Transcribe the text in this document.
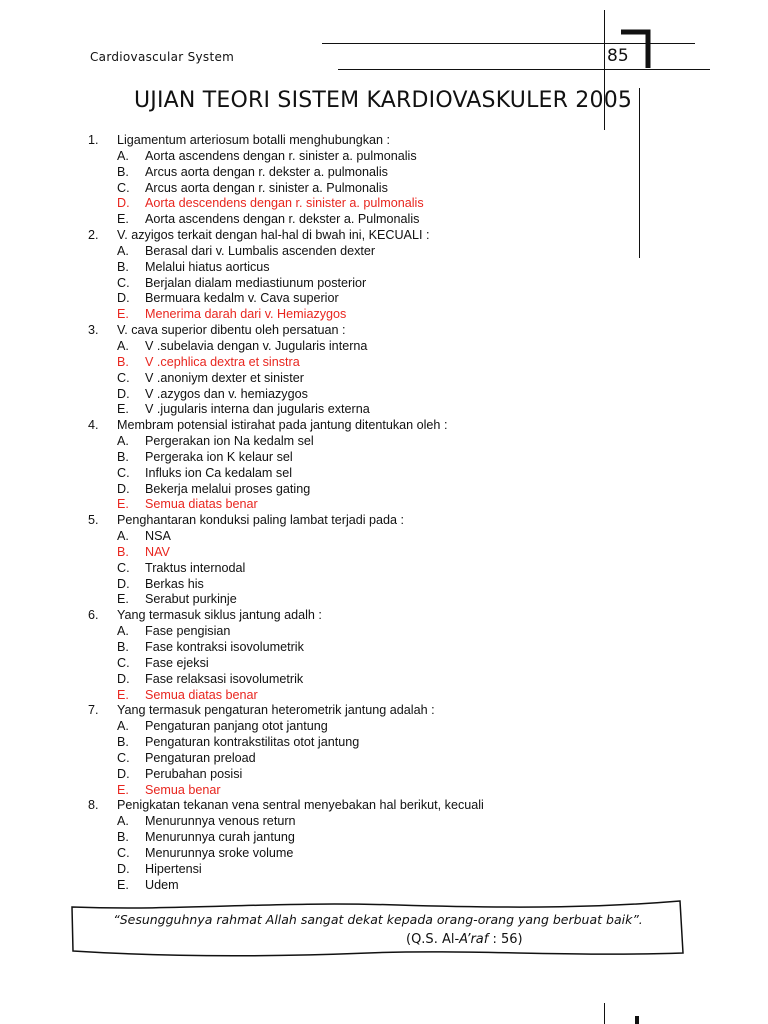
Cardiovascular System	85
UJIAN TEORI SISTEM KARDIOVASKULER 2005
1. Ligamentum arteriosum botalli menghubungkan :
A. Aorta ascendens dengan r. sinister a. pulmonalis
B. Arcus aorta dengan r. dekster a. pulmonalis
C. Arcus aorta dengan r. sinister a. Pulmonalis
D. Aorta descendens dengan r. sinister a. pulmonalis
E. Aorta ascendens dengan r. dekster a. Pulmonalis
2. V. azyigos terkait dengan hal-hal di bwah ini, KECUALI :
A. Berasal dari v. Lumbalis ascenden dexter
B. Melalui hiatus aorticus
C. Berjalan dialam mediastiunum posterior
D. Bermuara kedalm v. Cava superior
E. Menerima darah dari v. Hemiazygos
3. V. cava superior dibentu oleh persatuan :
A. V .subelavia dengan v. Jugularis interna
B. V .cephlica dextra et sinstra
C. V .anoniym dexter et sinister
D. V .azygos dan v. hemiazygos
E. V .jugularis interna dan jugularis externa
4. Membram potensial istirahat pada jantung ditentukan oleh :
A. Pergerakan ion Na kedalm sel
B. Pergeraka ion K kelaur sel
C. Influks ion Ca kedalam sel
D. Bekerja melalui proses gating
E. Semua diatas benar
5. Penghantaran konduksi paling lambat terjadi pada :
A. NSA
B. NAV
C. Traktus internodal
D. Berkas his
E. Serabut purkinje
6. Yang termasuk siklus jantung adalh :
A. Fase pengisian
B. Fase kontraksi isovolumetrik
C. Fase ejeksi
D. Fase relaksasi isovolumetrik
E. Semua diatas benar
7. Yang termasuk pengaturan heterometrik jantung adalah :
A. Pengaturan panjang otot jantung
B. Pengaturan kontrakstilitas otot jantung
C. Pengaturan preload
D. Perubahan posisi
E. Semua benar
8. Penigkatan tekanan vena sentral menyebakan hal berikut, kecuali
A. Menurunnya venous return
B. Menurunnya curah jantung
C. Menurunnya sroke volume
D. Hipertensi
E. Udem
“Sesungguhnya rahmat Allah sangat dekat kepada orang-orang yang berbuat baik”.
(Q.S. Al-A’raf : 56)
